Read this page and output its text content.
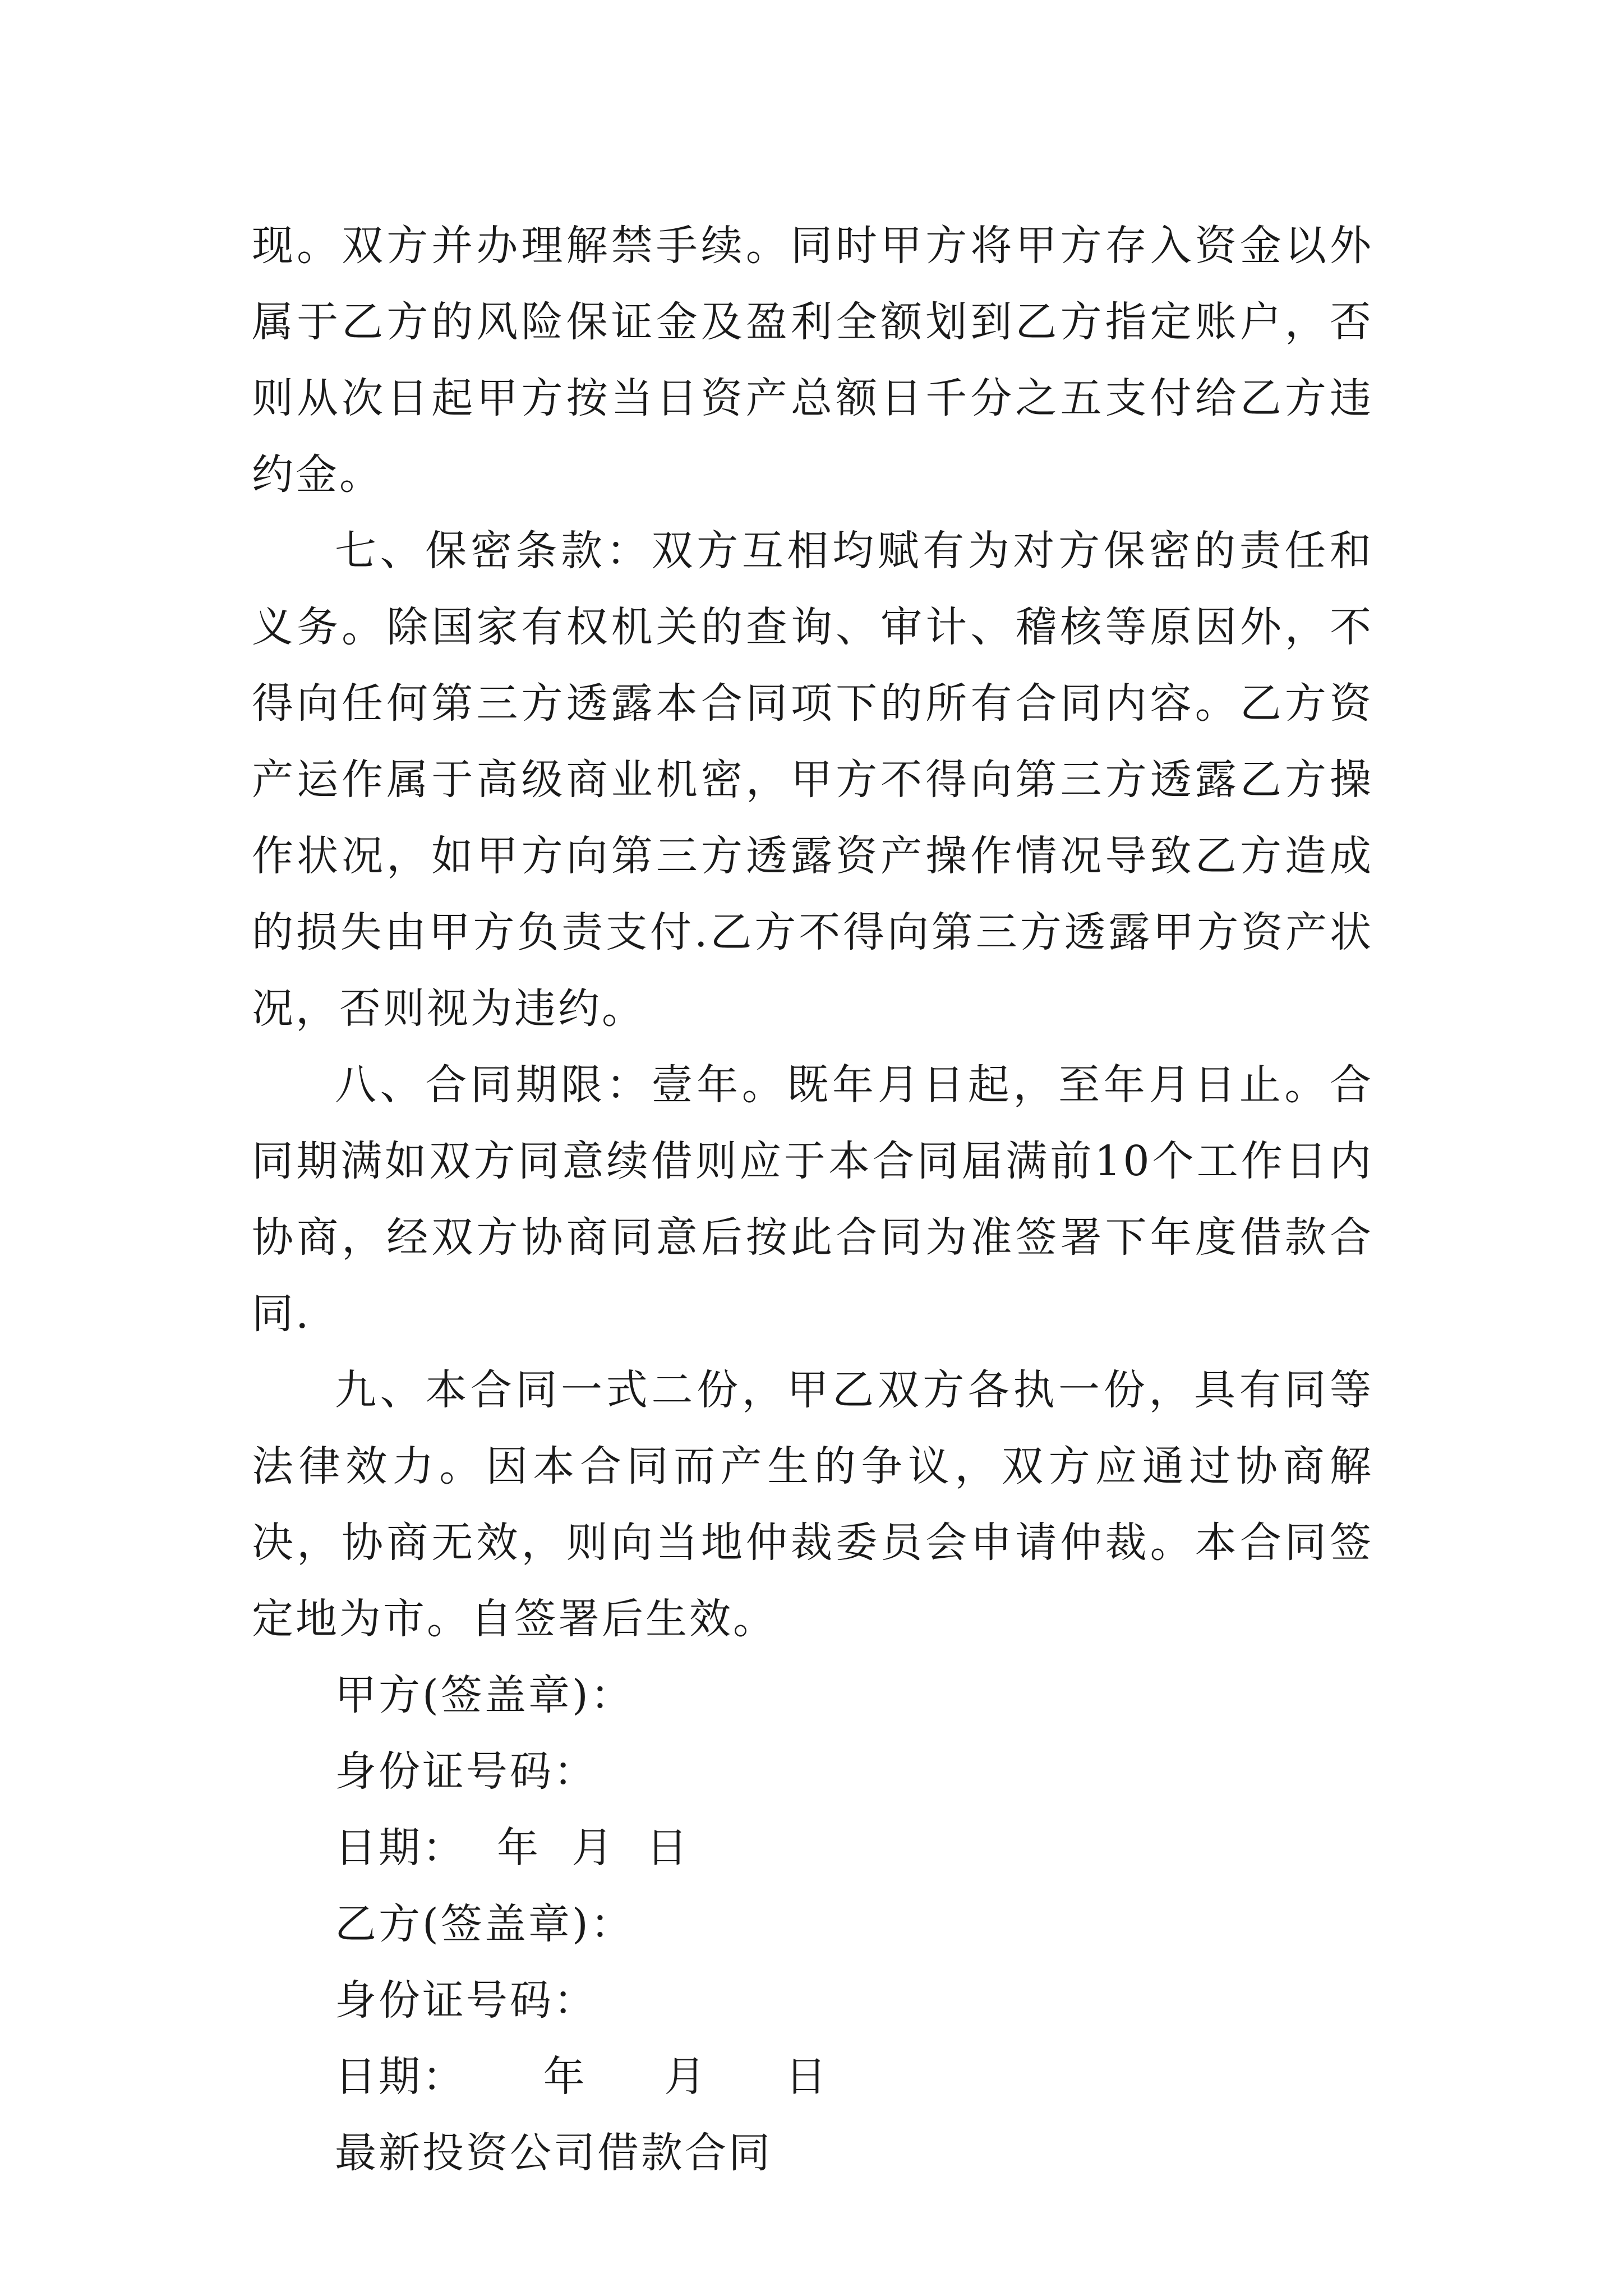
现。双方并办理解禁手续。同时甲方将甲方存入资金以外属于乙方的风险保证金及盈利全额划到乙方指定账户，否则从次日起甲方按当日资产总额日千分之五支付给乙方违约金。

七、保密条款：双方互相均赋有为对方保密的责任和义务。除国家有权机关的查询、审计、稽核等原因外，不得向任何第三方透露本合同项下的所有合同内容。乙方资产运作属于高级商业机密，甲方不得向第三方透露乙方操作状况，如甲方向第三方透露资产操作情况导致乙方造成的损失由甲方负责支付.乙方不得向第三方透露甲方资产状况，否则视为违约。

八、合同期限：壹年。既年月日起，至年月日止。合同期满如双方同意续借则应于本合同届满前10个工作日内协商，经双方协商同意后按此合同为准签署下年度借款合同.

九、本合同一式二份，甲乙双方各执一份，具有同等法律效力。因本合同而产生的争议，双方应通过协商解决，协商无效，则向当地仲裁委员会申请仲裁。本合同签定地为市。自签署后生效。

甲方(签盖章)：

身份证号码：

日期：  年  月  日

乙方(签盖章)：

身份证号码：

日期：     年     月     日

最新投资公司借款合同
